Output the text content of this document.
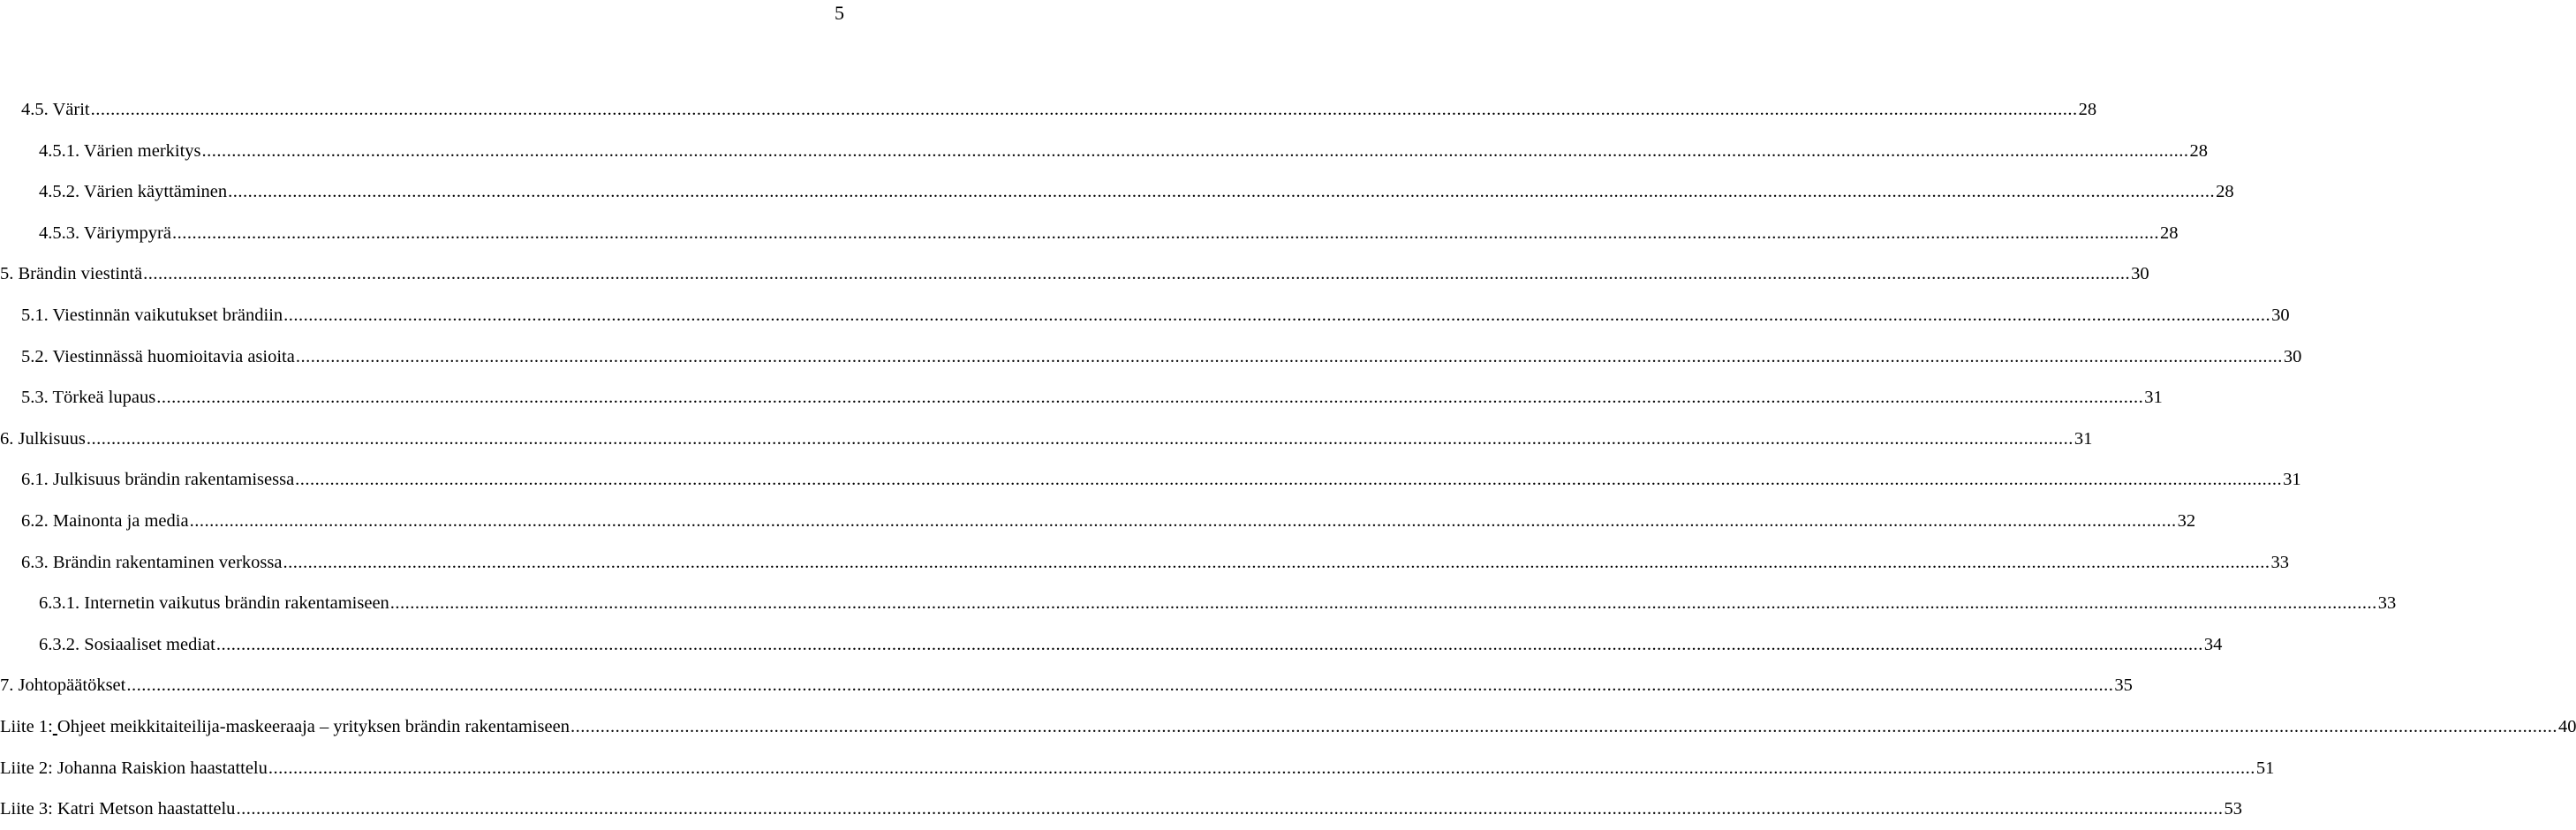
5
4.5. Värit ................................................................................................................................................................................................................................................................................................................................................................................................................ 28
4.5.1. Värien merkitys ................................................................................................................................................................................................................................................................................................................................................................................................................ 28
4.5.2. Värien käyttäminen ................................................................................................................................................................................................................................................................................................................................................................................................................ 28
4.5.3. Väriympyrä ................................................................................................................................................................................................................................................................................................................................................................................................................ 28
5. Brändin viestintä ................................................................................................................................................................................................................................................................................................................................................................................................................ 30
5.1. Viestinnän vaikutukset brändiin ................................................................................................................................................................................................................................................................................................................................................................................................................ 30
5.2. Viestinnässä huomioitavia asioita ................................................................................................................................................................................................................................................................................................................................................................................................................ 30
5.3. Törkeä lupaus ................................................................................................................................................................................................................................................................................................................................................................................................................ 31
6. Julkisuus ................................................................................................................................................................................................................................................................................................................................................................................................................ 31
6.1. Julkisuus brändin rakentamisessa ................................................................................................................................................................................................................................................................................................................................................................................................................ 31
6.2. Mainonta ja media ................................................................................................................................................................................................................................................................................................................................................................................................................ 32
6.3. Brändin rakentaminen verkossa ................................................................................................................................................................................................................................................................................................................................................................................................................ 33
6.3.1. Internetin vaikutus brändin rakentamiseen ................................................................................................................................................................................................................................................................................................................................................................................................................ 33
6.3.2. Sosiaaliset mediat ................................................................................................................................................................................................................................................................................................................................................................................................................ 34
7. Johtopäätökset ................................................................................................................................................................................................................................................................................................................................................................................................................ 35
Liite 1: Ohjeet meikkitaiteilija-maskeeraaja – yrityksen brändin rakentamiseen ................................................................................................................................................................................................................................................................................................................................................................................................................ 40
Liite 2: Johanna Raiskion haastattelu ................................................................................................................................................................................................................................................................................................................................................................................................................ 51
Liite 3: Katri Metson haastattelu ................................................................................................................................................................................................................................................................................................................................................................................................................ 53
